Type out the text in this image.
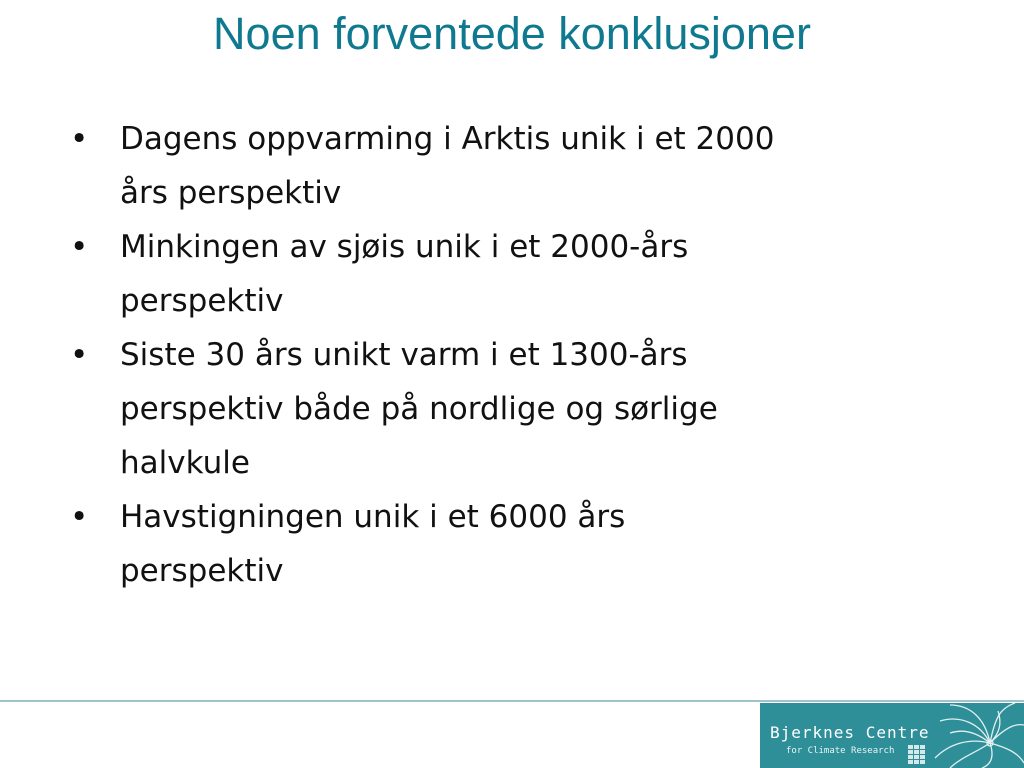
Noen forventede konklusjoner
•	Dagens oppvarming i Arktis unik i et 2000
års perspektiv
•	Minkingen av sjøis unik i et 2000-års
perspektiv
•	Siste 30 års unikt varm i et 1300-års
perspektiv både på nordlige og sørlige
halvkule
•	Havstigningen unik i et 6000 års
perspektiv
Bjerknes Centre
for Climate Research
